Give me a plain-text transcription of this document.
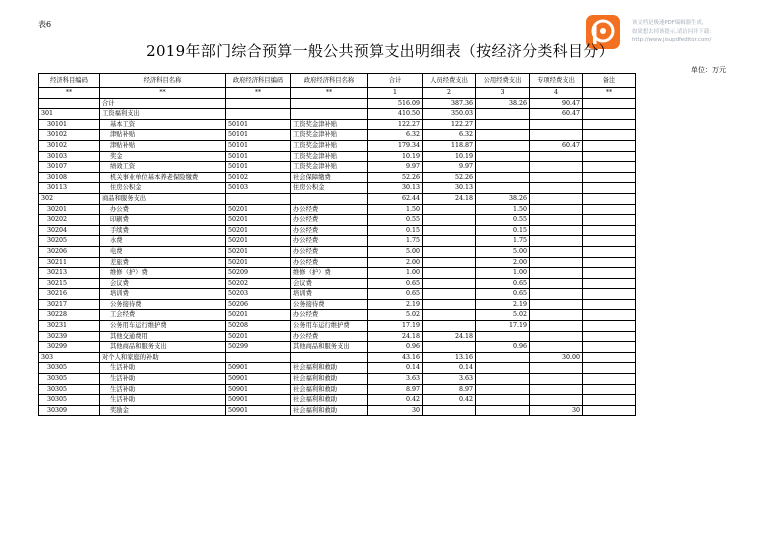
表6	该文档是极速PDF编辑器生成,
如果想去掉该提示,请访问并下载:
http://www.jisupdfeditor.com/
2019年部门综合预算一般公共预算支出明细表（按经济分类科目分）
单位：万元
经济科目编码	经济科目名称	政府经济科目编码	政府经济科目名称	合计	人员经费支出	公用经费支出	专项经费支出	备注
**	**	**	**	1	2	3	4	**
	合计			516.09	387.36	38.26	90.47	
301	工资福利支出			410.50	350.03		60.47	
30101	基本工资	50101	工资奖金津补贴	122.27	122.27			
30102	津贴补贴	50101	工资奖金津补贴	6.32	6.32			
30102	津贴补贴	50101	工资奖金津补贴	179.34	118.87		60.47	
30103	奖金	50101	工资奖金津补贴	10.19	10.19			
30107	绩效工资	50101	工资奖金津补贴	9.97	9.97			
30108	机关事业单位基本养老保险缴费	50102	社会保障缴费	52.26	52.26			
30113	住房公积金	50103	住房公积金	30.13	30.13			
302	商品和服务支出			62.44	24.18	38.26		
30201	办公费	50201	办公经费	1.50		1.50		
30202	印刷费	50201	办公经费	0.55		0.55		
30204	手续费	50201	办公经费	0.15		0.15		
30205	水费	50201	办公经费	1.75		1.75		
30206	电费	50201	办公经费	5.00		5.00		
30211	差旅费	50201	办公经费	2.00		2.00		
30213	维修（护）费	50209	维修（护）费	1.00		1.00		
30215	会议费	50202	会议费	0.65		0.65		
30216	培训费	50203	培训费	0.65		0.65		
30217	公务接待费	50206	公务接待费	2.19		2.19		
30228	工会经费	50201	办公经费	5.02		5.02		
30231	公务用车运行维护费	50208	公务用车运行维护费	17.19		17.19		
30239	其他交通费用	50201	办公经费	24.18	24.18			
30299	其他商品和服务支出	50299	其他商品和服务支出	0.96		0.96		
303	对个人和家庭的补助			43.16	13.16		30.00	
30305	生活补助	50901	社会福利和救助	0.14	0.14			
30305	生活补助	50901	社会福利和救助	3.63	3.63			
30305	生活补助	50901	社会福利和救助	8.97	8.97			
30305	生活补助	50901	社会福利和救助	0.42	0.42			
30309	奖励金	50901	社会福利和救助	30			30	
